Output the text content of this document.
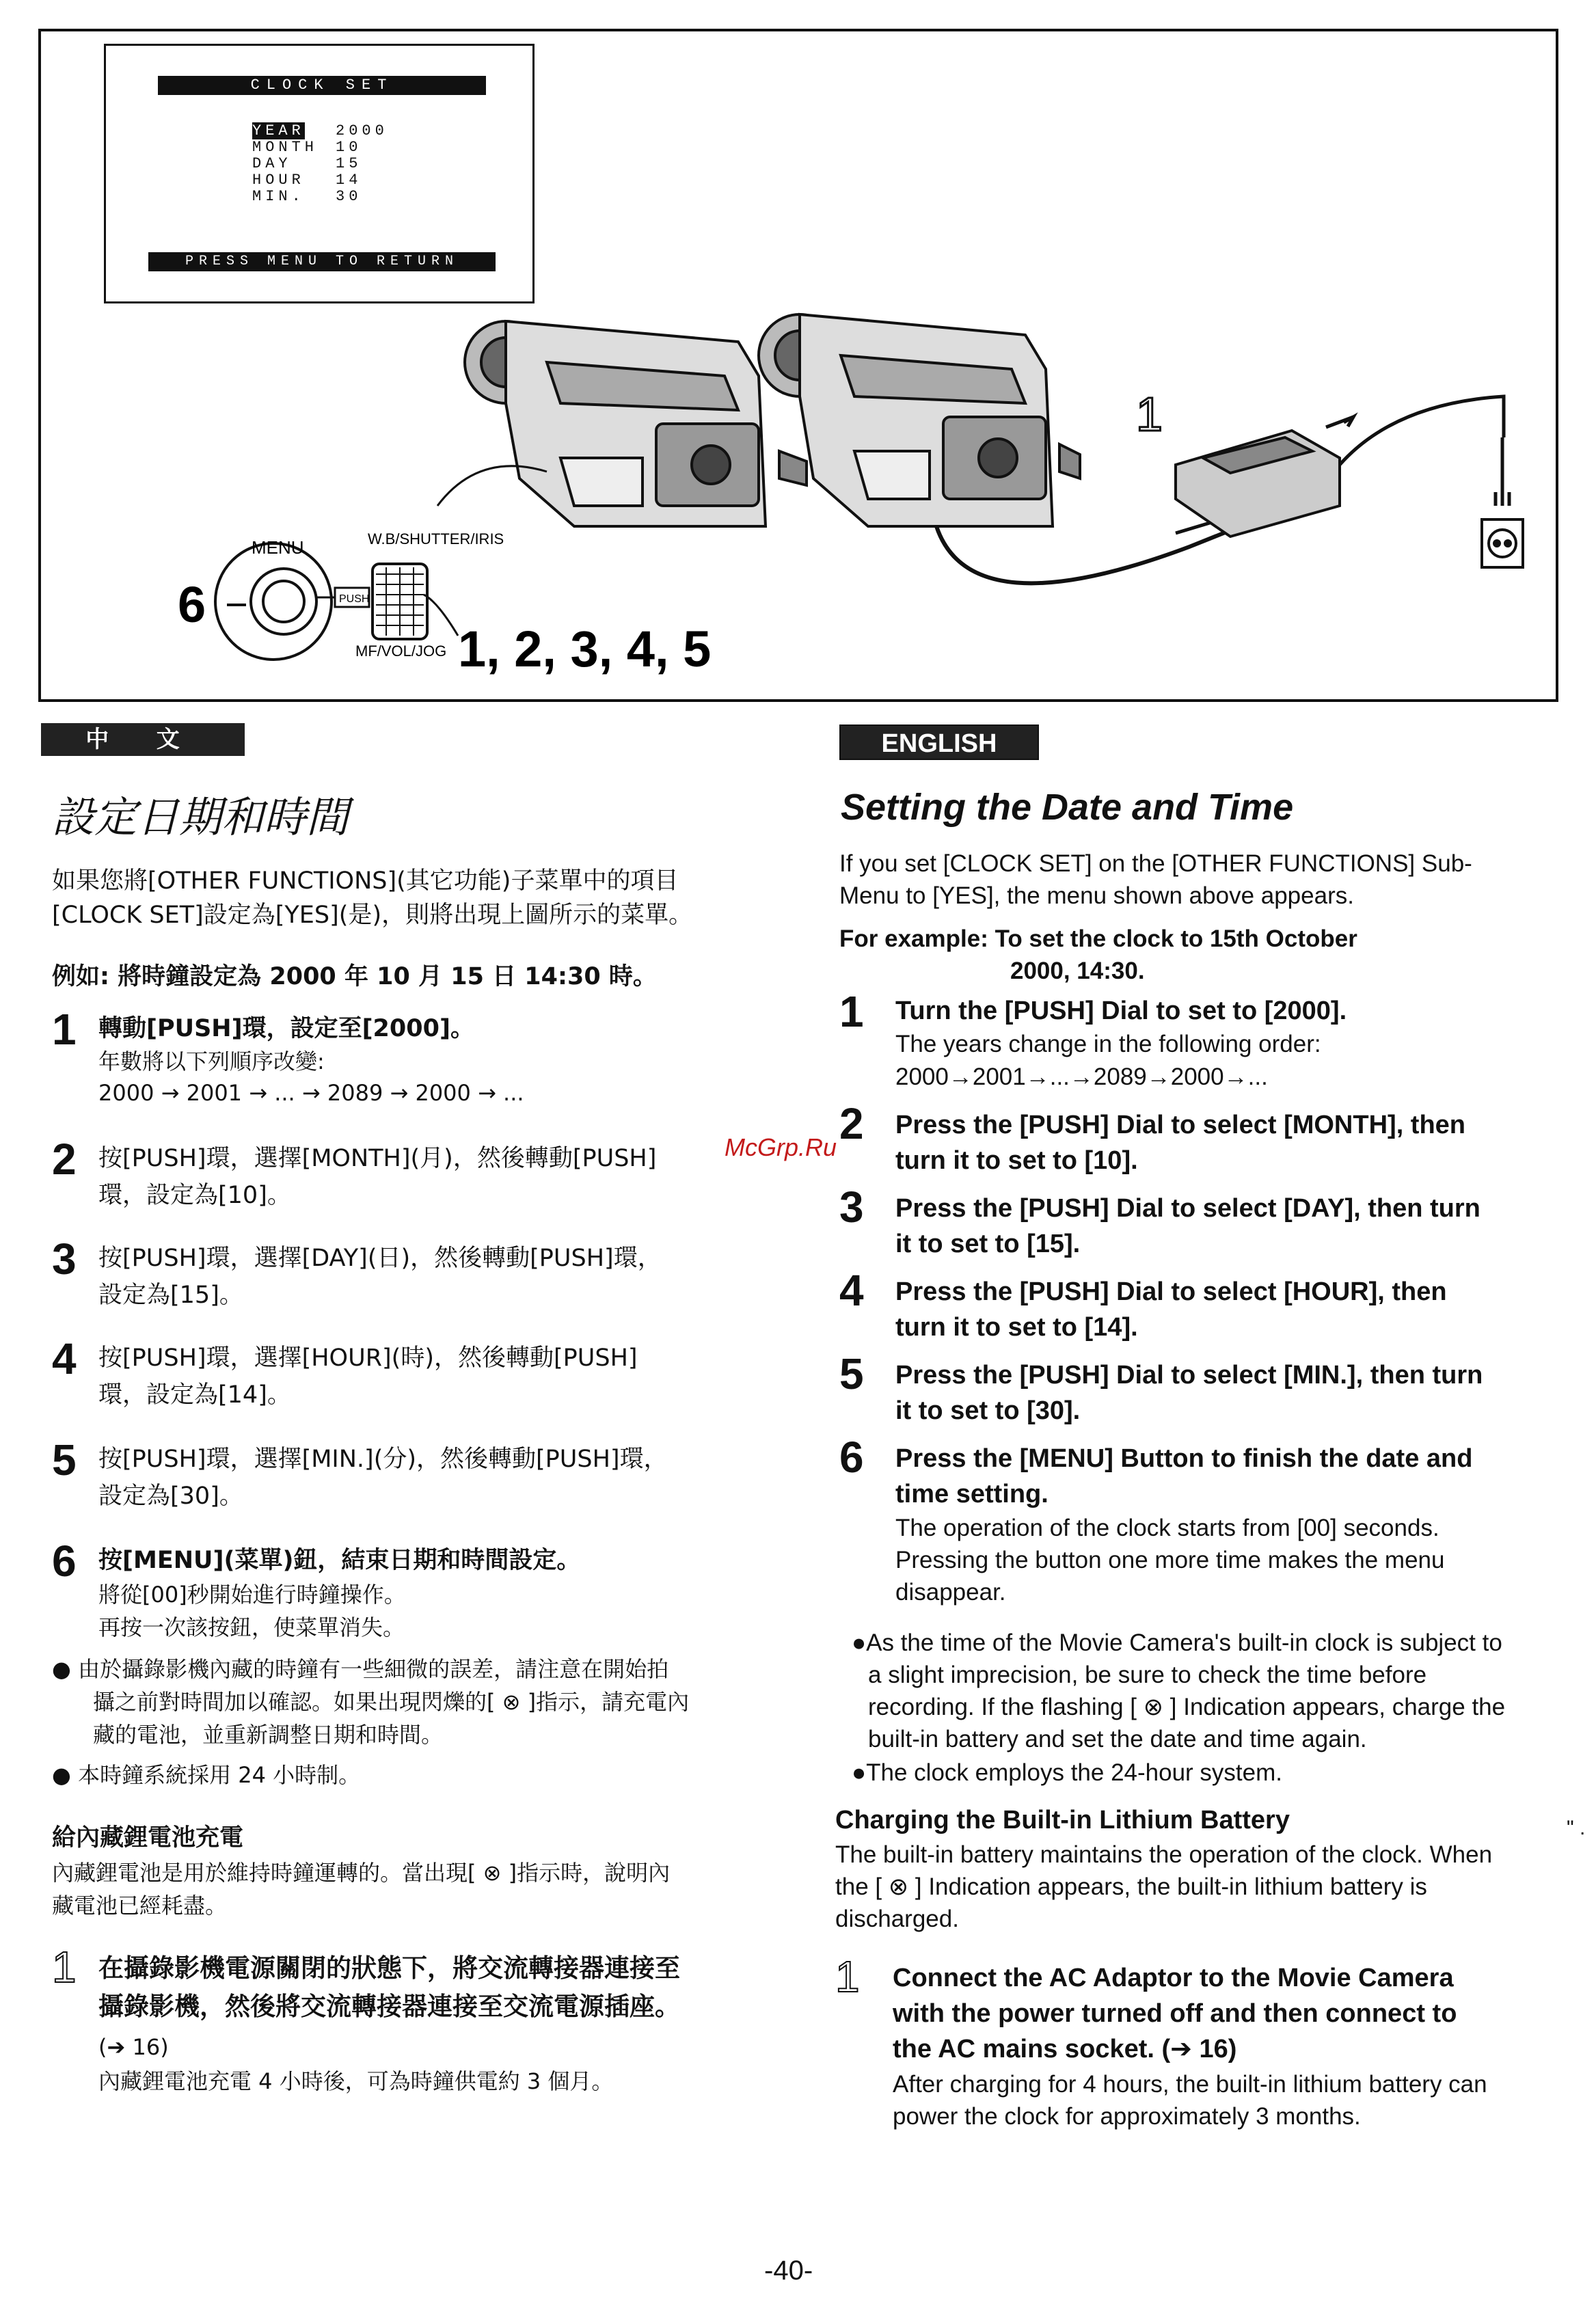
CLOCK SET
YEAR 2000
MONTH 10
DAY	15
HOUR 14
MIN. 30
PRESS MENU TO RETURN
MENU	W.B/SHUTTER/IRIS
PUSH
MF/VOL/JOG
6
1, 2, 3, 4, 5
1
中 文
設定日期和時間
如果您將[OTHER FUNCTIONS](其它功能)子菜單中的項目
[CLOCK SET]設定為[YES](是)，則將出現上圖所示的菜單。
例如: 將時鐘設定為 2000 年 10 月 15 日 14:30 時。
1 轉動[PUSH]環，設定至[2000]。
年數將以下列順序改變:
2000 → 2001 → ... → 2089 → 2000 → ...
2 按[PUSH]環，選擇[MONTH](月)，然後轉動[PUSH]
環，設定為[10]。
3 按[PUSH]環，選擇[DAY](日)，然後轉動[PUSH]環，
設定為[15]。
4 按[PUSH]環，選擇[HOUR](時)，然後轉動[PUSH]
環，設定為[14]。
5 按[PUSH]環，選擇[MIN.](分)，然後轉動[PUSH]環，
設定為[30]。
6 按[MENU](菜單)鈕，結束日期和時間設定。
將從[00]秒開始進行時鐘操作。
再按一次該按鈕，使菜單消失。
● 由於攝錄影機內藏的時鐘有一些細微的誤差，請注意在開始拍
攝之前對時間加以確認。如果出現閃爍的[ ⊗ ]指示，請充電內
藏的電池，並重新調整日期和時間。
● 本時鐘系統採用 24 小時制。
給內藏鋰電池充電
內藏鋰電池是用於維持時鐘運轉的。當出現[ ⊗ ]指示時，說明內
藏電池已經耗盡。
1 在攝錄影機電源關閉的狀態下，將交流轉接器連接至
攝錄影機，然後將交流轉接器連接至交流電源插座。
(➔ 16)
內藏鋰電池充電 4 小時後，可為時鐘供電約 3 個月。
McGrp.Ru
ENGLISH
Setting the Date and Time
If you set [CLOCK SET] on the [OTHER FUNCTIONS] Sub-
Menu to [YES], the menu shown above appears.
For example: To set the clock to 15th October
2000, 14:30.
1 Turn the [PUSH] Dial to set to [2000].
The years change in the following order:
2000→2001→...→2089→2000→...
2 Press the [PUSH] Dial to select [MONTH], then
turn it to set to [10].
3 Press the [PUSH] Dial to select [DAY], then turn
it to set to [15].
4 Press the [PUSH] Dial to select [HOUR], then
turn it to set to [14].
5 Press the [PUSH] Dial to select [MIN.], then turn
it to set to [30].
6 Press the [MENU] Button to finish the date and
time setting.
The operation of the clock starts from [00] seconds.
Pressing the button one more time makes the menu
disappear.
●As the time of the Movie Camera's built-in clock is subject to
a slight imprecision, be sure to check the time before
recording. If the flashing [ ⊗ ] Indication appears, charge the
built-in battery and set the date and time again.
●The clock employs the 24-hour system.
Charging the Built-in Lithium Battery
The built-in battery maintains the operation of the clock. When
the [ ⊗ ] Indication appears, the built-in lithium battery is
discharged.
1 Connect the AC Adaptor to the Movie Camera
with the power turned off and then connect to
the AC mains socket. (➔ 16)
After charging for 4 hours, the built-in lithium battery can
power the clock for approximately 3 months.
-40-
" .
